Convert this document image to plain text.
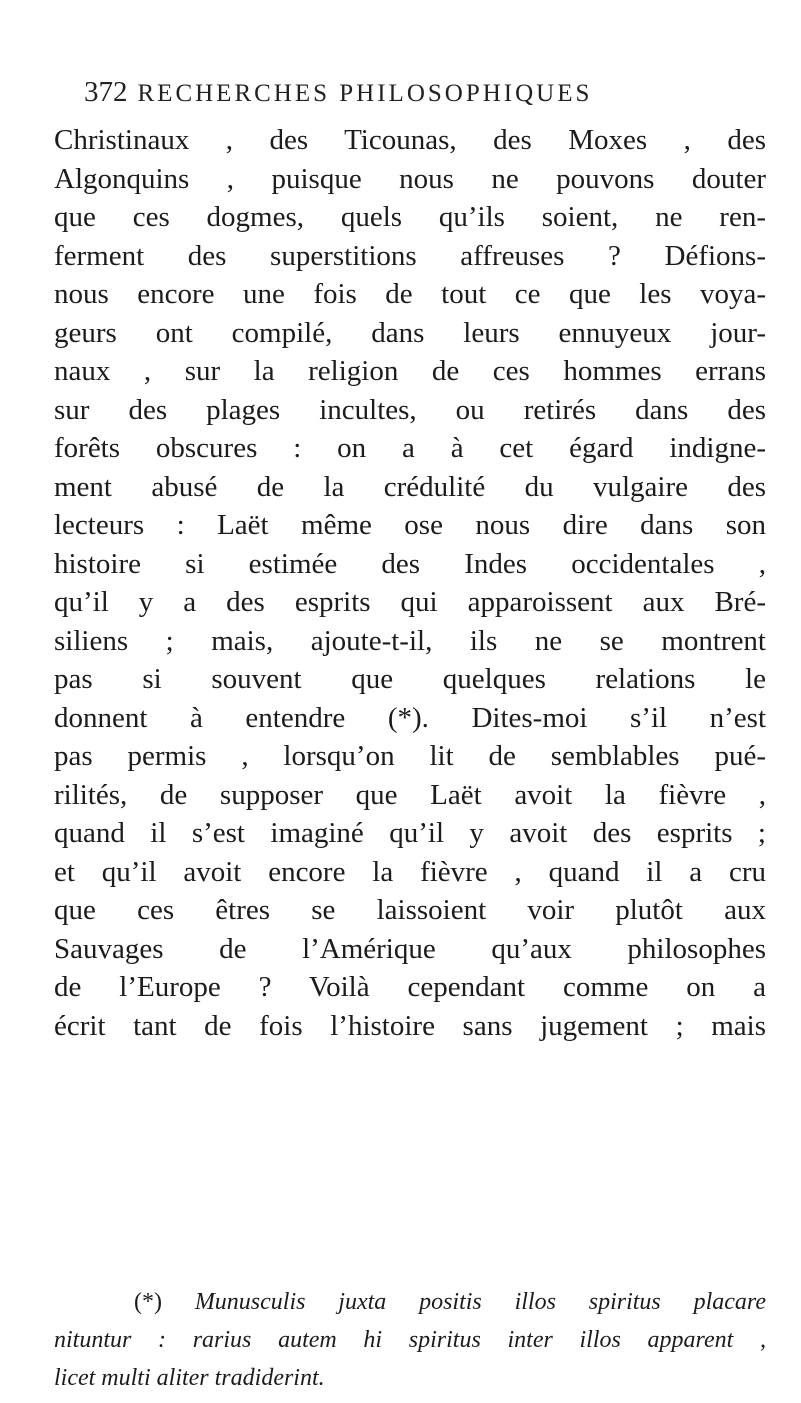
372 RECHERCHES PHILOSOPHIQUES
Christinaux , des Ticounas, des Moxes , des
Algonquins , puisque nous ne pouvons douter
que ces dogmes, quels qu’ils soient, ne ren-
ferment des superstitions affreuses ? Défions-
nous encore une fois de tout ce que les voya-
geurs ont compilé, dans leurs ennuyeux jour-
naux , sur la religion de ces hommes errans
sur des plages incultes, ou retirés dans des
forêts obscures : on a à cet égard indigne-
ment abusé de la crédulité du vulgaire des
lecteurs : Laët même ose nous dire dans son
histoire si estimée des Indes occidentales ,
qu’il y a des esprits qui apparoissent aux Bré-
siliens ; mais, ajoute-t-il, ils ne se montrent
pas si souvent que quelques relations le
donnent à entendre (*). Dites-moi s’il n’est
pas permis , lorsqu’on lit de semblables pué-
rilités, de supposer que Laët avoit la fièvre ,
quand il s’est imaginé qu’il y avoit des esprits ;
et qu’il avoit encore la fièvre , quand il a cru
que ces êtres se laissoient voir plutôt aux
Sauvages de l’Amérique qu’aux philosophes
de l’Europe ? Voilà cependant comme on a
écrit tant de fois l’histoire sans jugement ; mais
(*) Munusculis juxta positis illos spiritus placare
nituntur : rarius autem hi spiritus inter illos apparent ,
licet multi aliter tradiderint.
